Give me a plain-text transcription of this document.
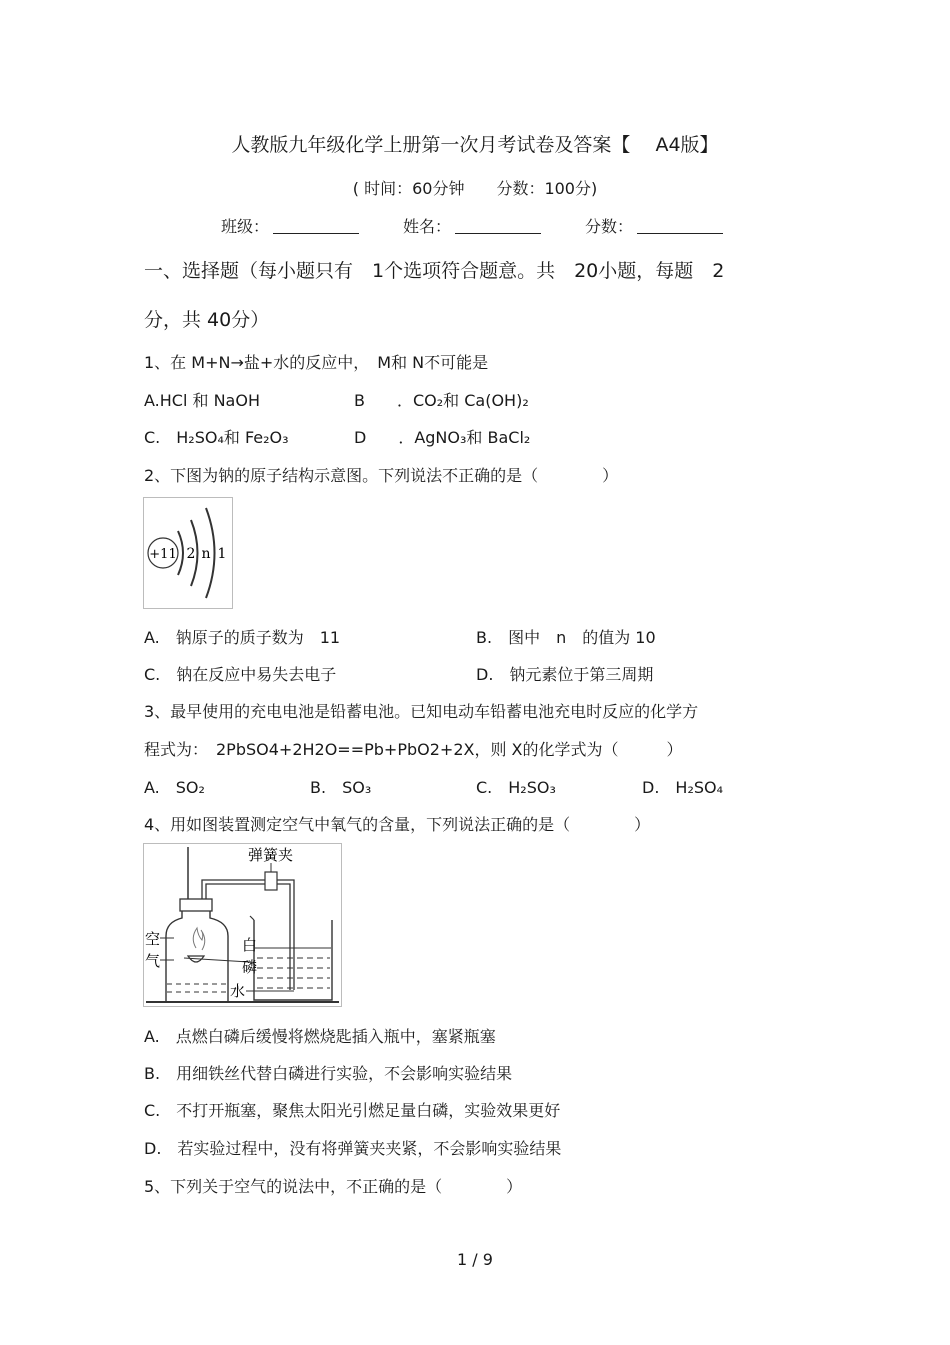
人教版九年级化学上册第一次月考试卷及答案【　 A4版】
( 时间：60分钟　　分数：100分)
班级：	姓名：	分数：
一、选择题（每小题只有　1个选项符合题意。共　20小题，每题　2
分，共 40分）
1、在 M+N→盐+水的反应中，　M和 N不可能是
A.HCl 和 NaOH	B　　．CO₂和 Ca(OH)₂
C.　H₂SO₄和 Fe₂O₃	D　　．AgNO₃和 BaCl₂
2、下图为钠的原子结构示意图。下列说法不正确的是（　　　　）
+11 2 n 1
A.　钠原子的质子数为　11	B.　图中　n　的值为 10
C.　钠在反应中易失去电子	D.　钠元素位于第三周期
3、最早使用的充电电池是铅蓄电池。已知电动车铅蓄电池充电时反应的化学方
程式为：　2PbSO4+2H2O==Pb+PbO2+2X，则 X的化学式为（　　　）
A.　SO₂	B.　SO₃	C.　H₂SO₃	D.　H₂SO₄
4、用如图装置测定空气中氧气的含量，下列说法正确的是（　　　　）
弹簧夹
空
气
白
磷
水
A.　点燃白磷后缓慢将燃烧匙插入瓶中，塞紧瓶塞
B.　用细铁丝代替白磷进行实验，不会影响实验结果
C.　不打开瓶塞，聚焦太阳光引燃足量白磷，实验效果更好
D.　若实验过程中，没有将弹簧夹夹紧，不会影响实验结果
5、下列关于空气的说法中，不正确的是（　　　　）
1 / 9
